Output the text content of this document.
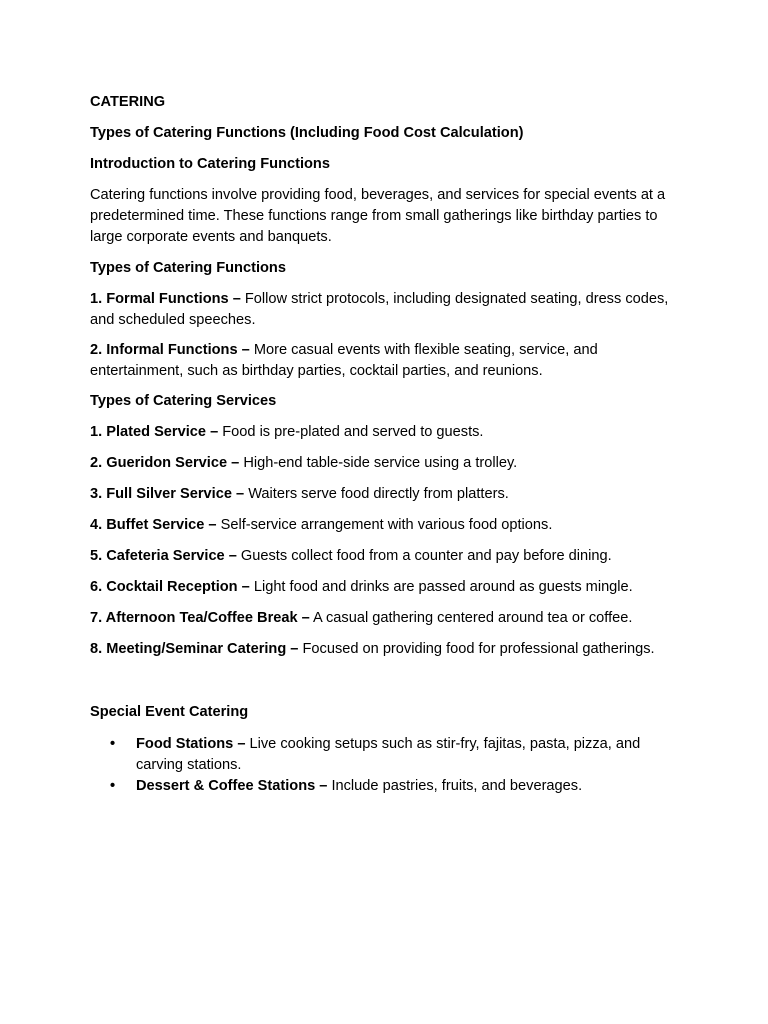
CATERING
Types of Catering Functions (Including Food Cost Calculation)
Introduction to Catering Functions
Catering functions involve providing food, beverages, and services for special events at a predetermined time. These functions range from small gatherings like birthday parties to large corporate events and banquets.
Types of Catering Functions
1. Formal Functions – Follow strict protocols, including designated seating, dress codes, and scheduled speeches.
2. Informal Functions – More casual events with flexible seating, service, and entertainment, such as birthday parties, cocktail parties, and reunions.
Types of Catering Services
1. Plated Service – Food is pre-plated and served to guests.
2. Gueridon Service – High-end table-side service using a trolley.
3. Full Silver Service – Waiters serve food directly from platters.
4. Buffet Service – Self-service arrangement with various food options.
5. Cafeteria Service – Guests collect food from a counter and pay before dining.
6. Cocktail Reception – Light food and drinks are passed around as guests mingle.
7. Afternoon Tea/Coffee Break – A casual gathering centered around tea or coffee.
8. Meeting/Seminar Catering – Focused on providing food for professional gatherings.
Special Event Catering
•	Food Stations – Live cooking setups such as stir-fry, fajitas, pasta, pizza, and carving stations.
•	Dessert & Coffee Stations – Include pastries, fruits, and beverages.
